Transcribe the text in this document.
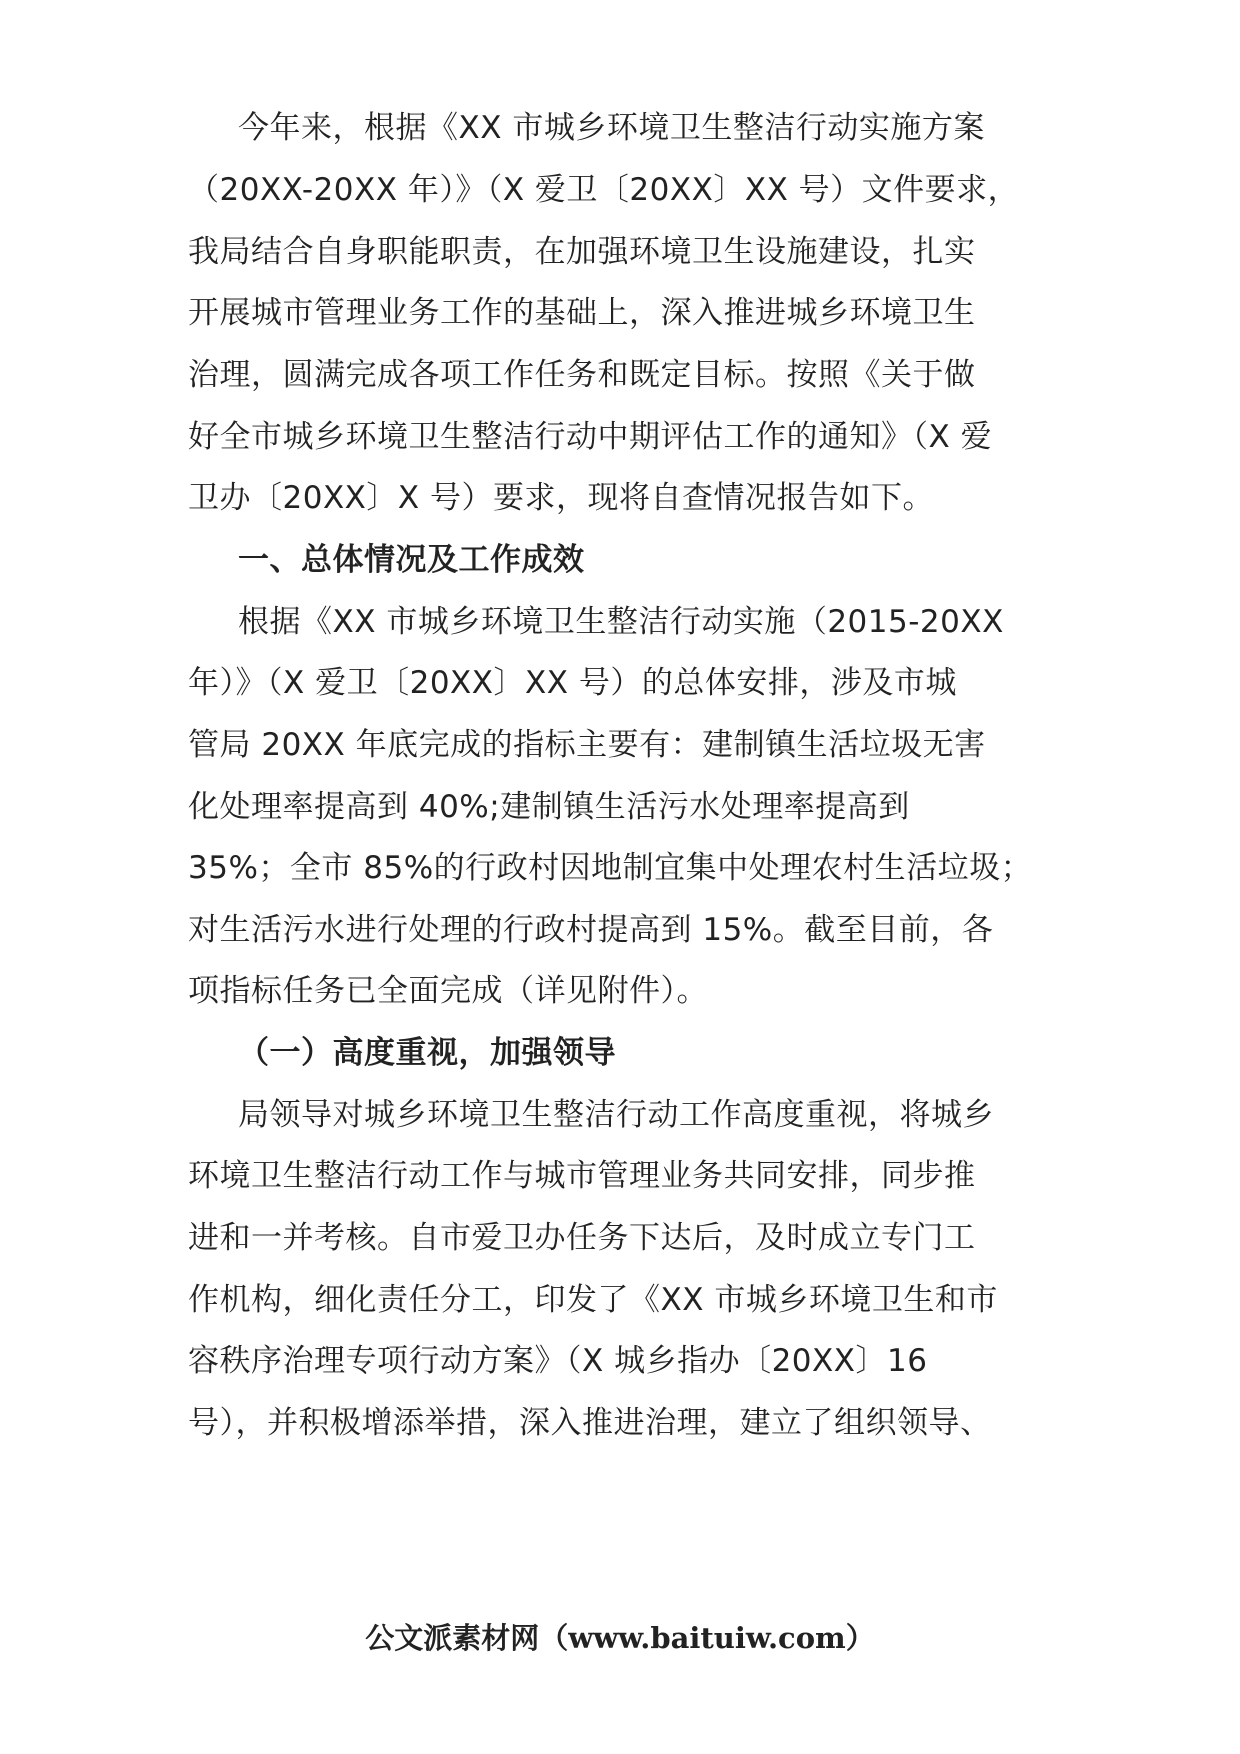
今年来，根据《XX 市城乡环境卫生整洁行动实施方案
（20XX-20XX 年）》（X 爱卫〔20XX〕XX 号）文件要求，
我局结合自身职能职责，在加强环境卫生设施建设，扎实
开展城市管理业务工作的基础上，深入推进城乡环境卫生
治理，圆满完成各项工作任务和既定目标。按照《关于做
好全市城乡环境卫生整洁行动中期评估工作的通知》（X 爱
卫办〔20XX〕X 号）要求，现将自查情况报告如下。
一、总体情况及工作成效
根据《XX 市城乡环境卫生整洁行动实施（2015-20XX
年）》（X 爱卫〔20XX〕XX 号）的总体安排，涉及市城
管局 20XX 年底完成的指标主要有：建制镇生活垃圾无害
化处理率提高到 40%;建制镇生活污水处理率提高到
35%；全市 85%的行政村因地制宜集中处理农村生活垃圾；
对生活污水进行处理的行政村提高到 15%。截至目前，各
项指标任务已全面完成（详见附件）。
（一）高度重视，加强领导
局领导对城乡环境卫生整洁行动工作高度重视，将城乡
环境卫生整洁行动工作与城市管理业务共同安排，同步推
进和一并考核。自市爱卫办任务下达后，及时成立专门工
作机构，细化责任分工，印发了《XX 市城乡环境卫生和市
容秩序治理专项行动方案》（X 城乡指办〔20XX〕16
号），并积极增添举措，深入推进治理，建立了组织领导、
公文派素材网（www.baituiw.com）
